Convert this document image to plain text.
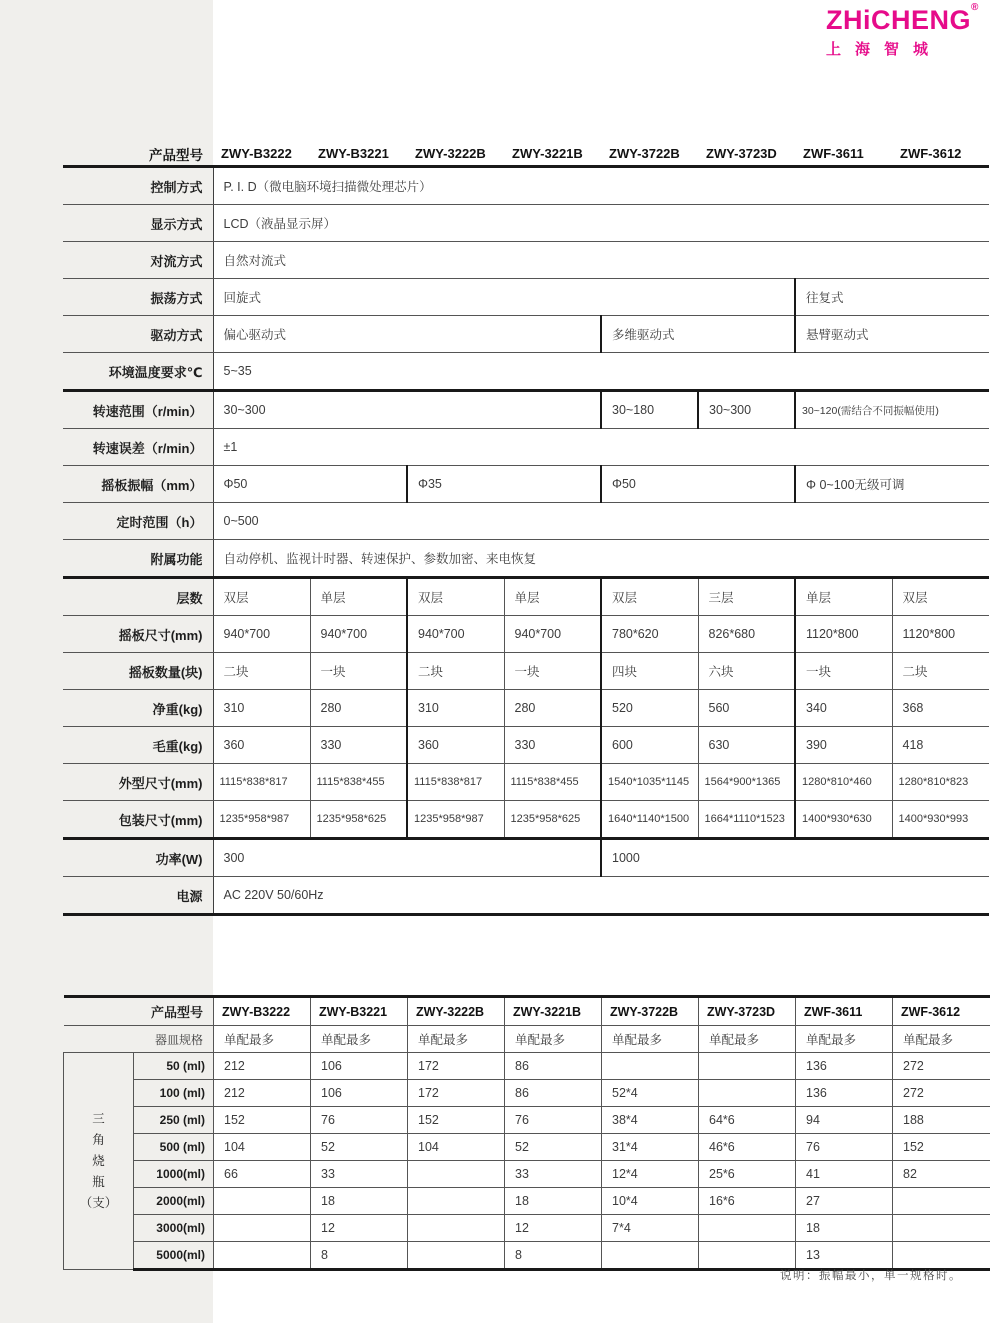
ZHiCHENG®
上海智城
产品型号	ZWY-B3222	ZWY-B3221	ZWY-3222B	ZWY-3221B	ZWY-3722B	ZWY-3723D	ZWF-3611	ZWF-3612
控制方式	P. I. D（微电脑环境扫描微处理芯片）							
显示方式	LCD（液晶显示屏）							
对流方式	自然对流式							
振荡方式	回旋式						往复式	
驱动方式	偏心驱动式				多维驱动式		悬臂驱动式	
环境温度要求℃	5~35							
转速范围（r/min）	30~300				30~180	30~300	30~120(需结合不同振幅使用)	
转速误差（r/min）	±1							
摇板振幅（mm）	Φ50		Φ35		Φ50		Φ 0~100无级可调	
定时范围（h）	0~500							
附属功能	自动停机、监视计时器、转速保护、参数加密、来电恢复							
层数	双层	单层	双层	单层	双层	三层	单层	双层
摇板尺寸(mm)	940*700	940*700	940*700	940*700	780*620	826*680	1120*800	1120*800
摇板数量(块)	二块	一块	二块	一块	四块	六块	一块	二块
净重(kg)	310	280	310	280	520	560	340	368
毛重(kg)	360	330	360	330	600	630	390	418
外型尺寸(mm)	1115*838*817	1115*838*455	1115*838*817	1115*838*455	1540*1035*1145	1564*900*1365	1280*810*460	1280*810*823
包装尺寸(mm)	1235*958*987	1235*958*625	1235*958*987	1235*958*625	1640*1140*1500	1664*1110*1523	1400*930*630	1400*930*993
功率(W)	300				1000			
电源	AC 220V 50/60Hz							
产品型号		ZWY-B3222	ZWY-B3221	ZWY-3222B	ZWY-3221B	ZWY-3722B	ZWY-3723D	ZWF-3611	ZWF-3612
器皿规格		单配最多	单配最多	单配最多	单配最多	单配最多	单配最多	单配最多	单配最多

三
角
烧
瓶
（支）	50 (ml)	212	106	172	86			136	272
	100 (ml)	212	106	172	86	52*4		136	272
	250 (ml)	152	76	152	76	38*4	64*6	94	188
	500 (ml)	104	52	104	52	31*4	46*6	76	152
	1000(ml)	66	33		33	12*4	25*6	41	82
	2000(ml)		18		18	10*4	16*6	27	
	3000(ml)		12		12	7*4		18	
	5000(ml)		8		8			13	
说明：振幅最小，单一规格时。
